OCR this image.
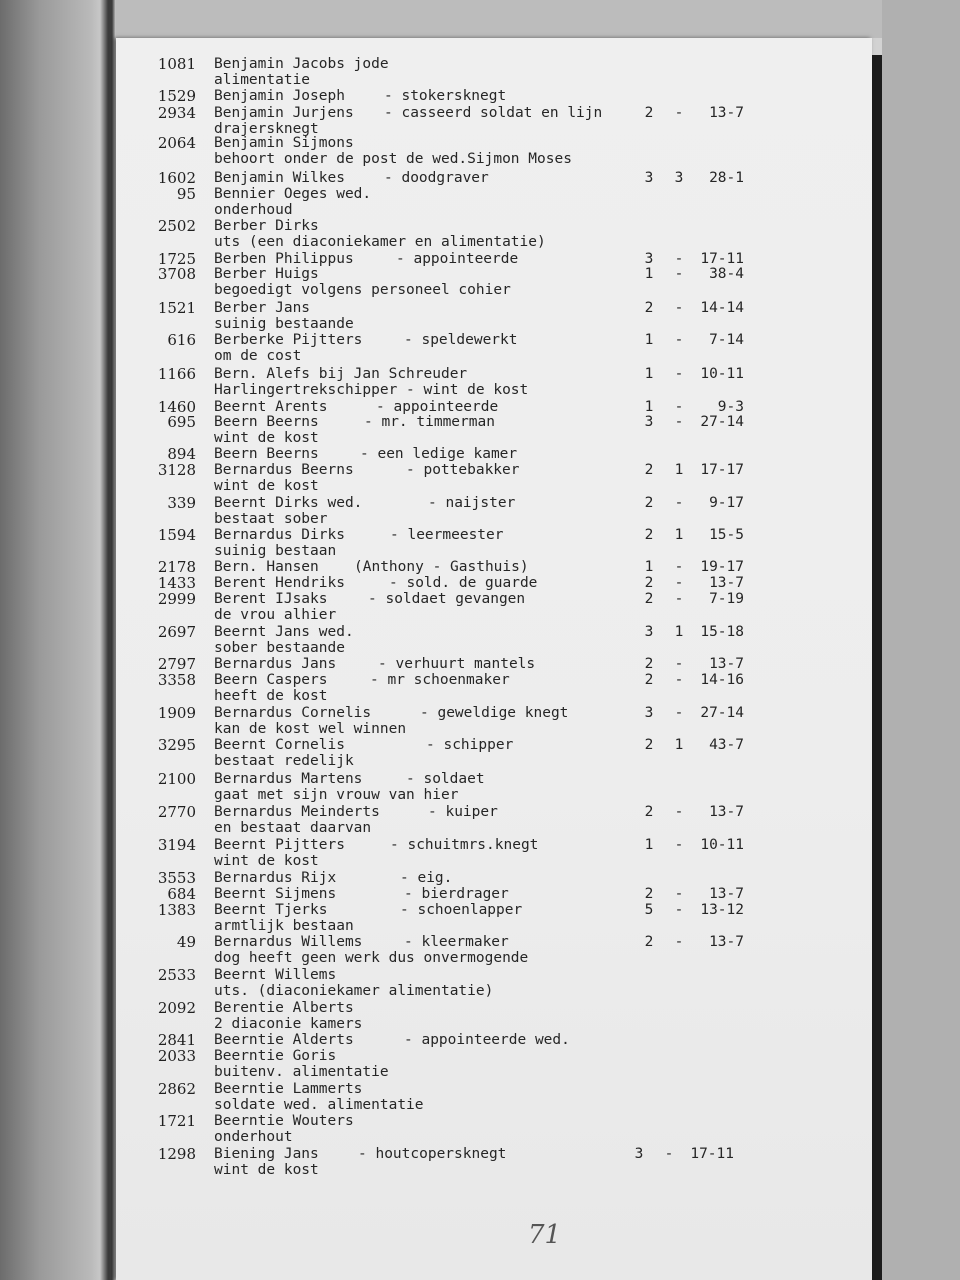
1081 Benjamin Jacobs jode
alimentatie
1529 Benjamin Joseph	- stokersknegt
2934 Benjamin Jurjens - casseerd soldat en lijn	2 -	13-7
drajersknegt
2064 Benjamin Sijmons
behoort onder de post de wed.Sijmon Moses
1602 Benjamin Wilkes	- doodgraver	3 3	28-1
95 Bennier Oeges wed.
onderhoud
2502 Berber Dirks
uts (een diaconiekamer en alimentatie)
1725 Berben Philippus	- appointeerde	3 -	17-11
3708 Berber Huigs	1 -	38-4
begoedigt volgens personeel cohier
1521 Berber Jans	2 -	14-14
suinig bestaande
616 Berberke Pijtters	- speldewerkt	1 -	7-14
om de cost
1166 Bern. Alefs bij Jan Schreuder	1 -	10-11
Harlingertrekschipper - wint de kost
1460 Beernt Arents	- appointeerde	1 -	9-3
695 Beern Beerns	- mr. timmerman	3 -	27-14
wint de kost
894 Beern Beerns	- een ledige kamer
3128 Bernardus Beerns	- pottebakker	2 1	17-17
wint de kost
339 Beernt Dirks wed.	- naijster	2 -	9-17
bestaat sober
1594 Bernardus Dirks	- leermeester	2 1	15-5
suinig bestaan
2178 Bern. Hansen (Anthony - Gasthuis)	1 -	19-17
1433 Berent Hendriks	- sold. de guarde	2 -	13-7
2999 Berent IJsaks	- soldaet gevangen	2 -	7-19
de vrou alhier
2697 Beernt Jans wed.	3 1	15-18
sober bestaande
2797 Bernardus Jans	- verhuurt mantels	2 -	13-7
3358 Beern Caspers	- mr schoenmaker	2 -	14-16
heeft de kost
1909 Bernardus Cornelis	- geweldige knegt	3 -	27-14
kan de kost wel winnen
3295 Beernt Cornelis	- schipper	2 1	43-7
bestaat redelijk
2100 Bernardus Martens	- soldaet
gaat met sijn vrouw van hier
2770 Bernardus Meinderts	- kuiper	2 -	13-7
en bestaat daarvan
3194 Beernt Pijtters	- schuitmrs.knegt	1 -	10-11
wint de kost
3553 Bernardus Rijx	- eig.
684 Beernt Sijmens	- bierdrager	2 -	13-7
1383 Beernt Tjerks	- schoenlapper	5 -	13-12
armtlijk bestaan
49 Bernardus Willems	- kleermaker	2 -	13-7
dog heeft geen werk dus onvermogende
2533 Beernt Willems
uts. (diaconiekamer alimentatie)
2092 Berentie Alberts
2 diaconie kamers
2841 Beerntie Alderts	- appointeerde wed.
2033 Beerntie Goris
buitenv. alimentatie
2862 Beerntie Lammerts
soldate wed. alimentatie
1721 Beerntie Wouters
onderhout
1298 Biening Jans	- houtcopersknegt	3 -	17-11
wint de kost
71
